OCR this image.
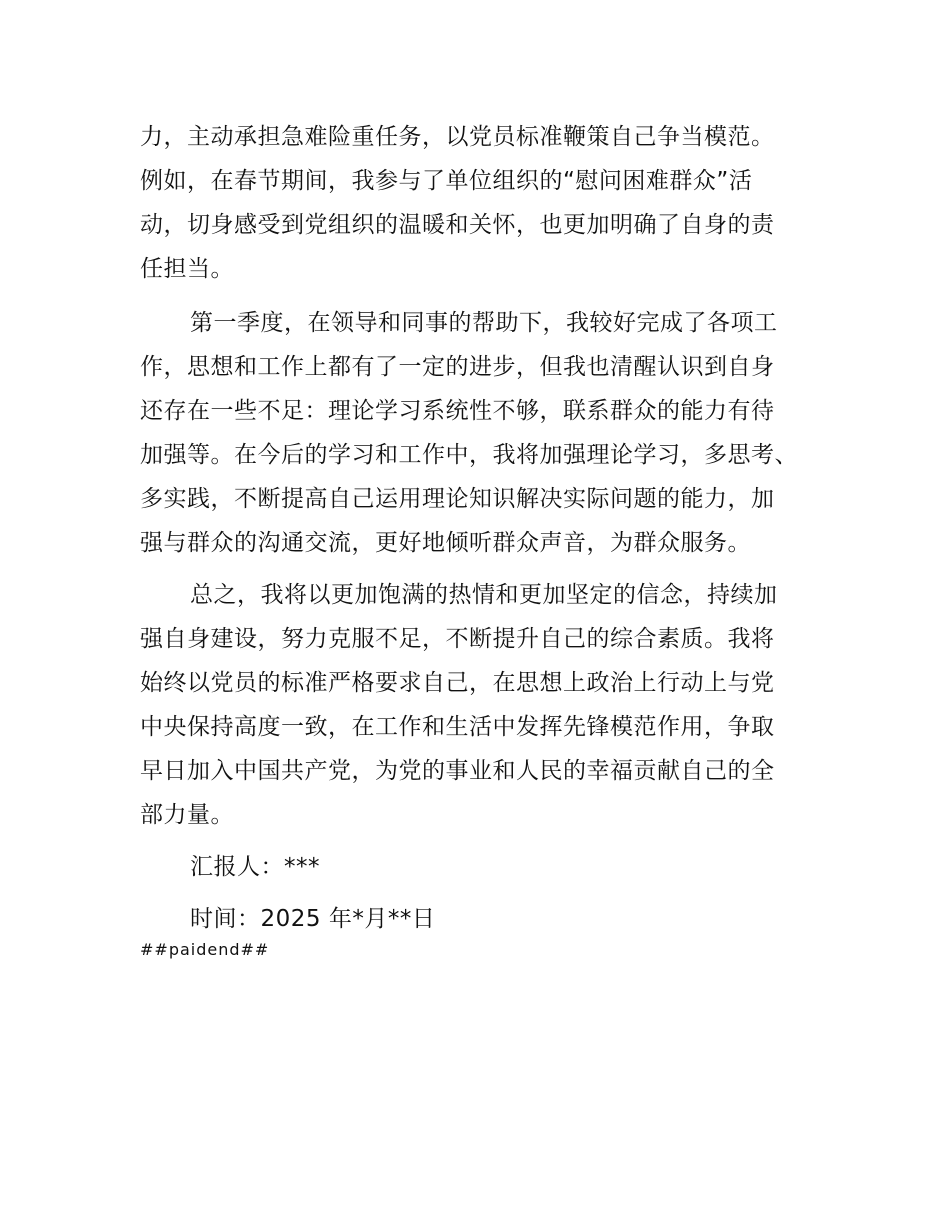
力，主动承担急难险重任务，以党员标准鞭策自己争当模范。
例如，在春节期间，我参与了单位组织的“慰问困难群众”活
动，切身感受到党组织的温暖和关怀，也更加明确了自身的责
任担当。
第一季度，在领导和同事的帮助下，我较好完成了各项工
作，思想和工作上都有了一定的进步，但我也清醒认识到自身
还存在一些不足：理论学习系统性不够，联系群众的能力有待
加强等。在今后的学习和工作中，我将加强理论学习，多思考、
多实践，不断提高自己运用理论知识解决实际问题的能力，加
强与群众的沟通交流，更好地倾听群众声音，为群众服务。
总之，我将以更加饱满的热情和更加坚定的信念，持续加
强自身建设，努力克服不足，不断提升自己的综合素质。我将
始终以党员的标准严格要求自己，在思想上政治上行动上与党
中央保持高度一致，在工作和生活中发挥先锋模范作用，争取
早日加入中国共产党，为党的事业和人民的幸福贡献自己的全
部力量。
汇报人：***
时间：2025 年*月**日
##paidend##
